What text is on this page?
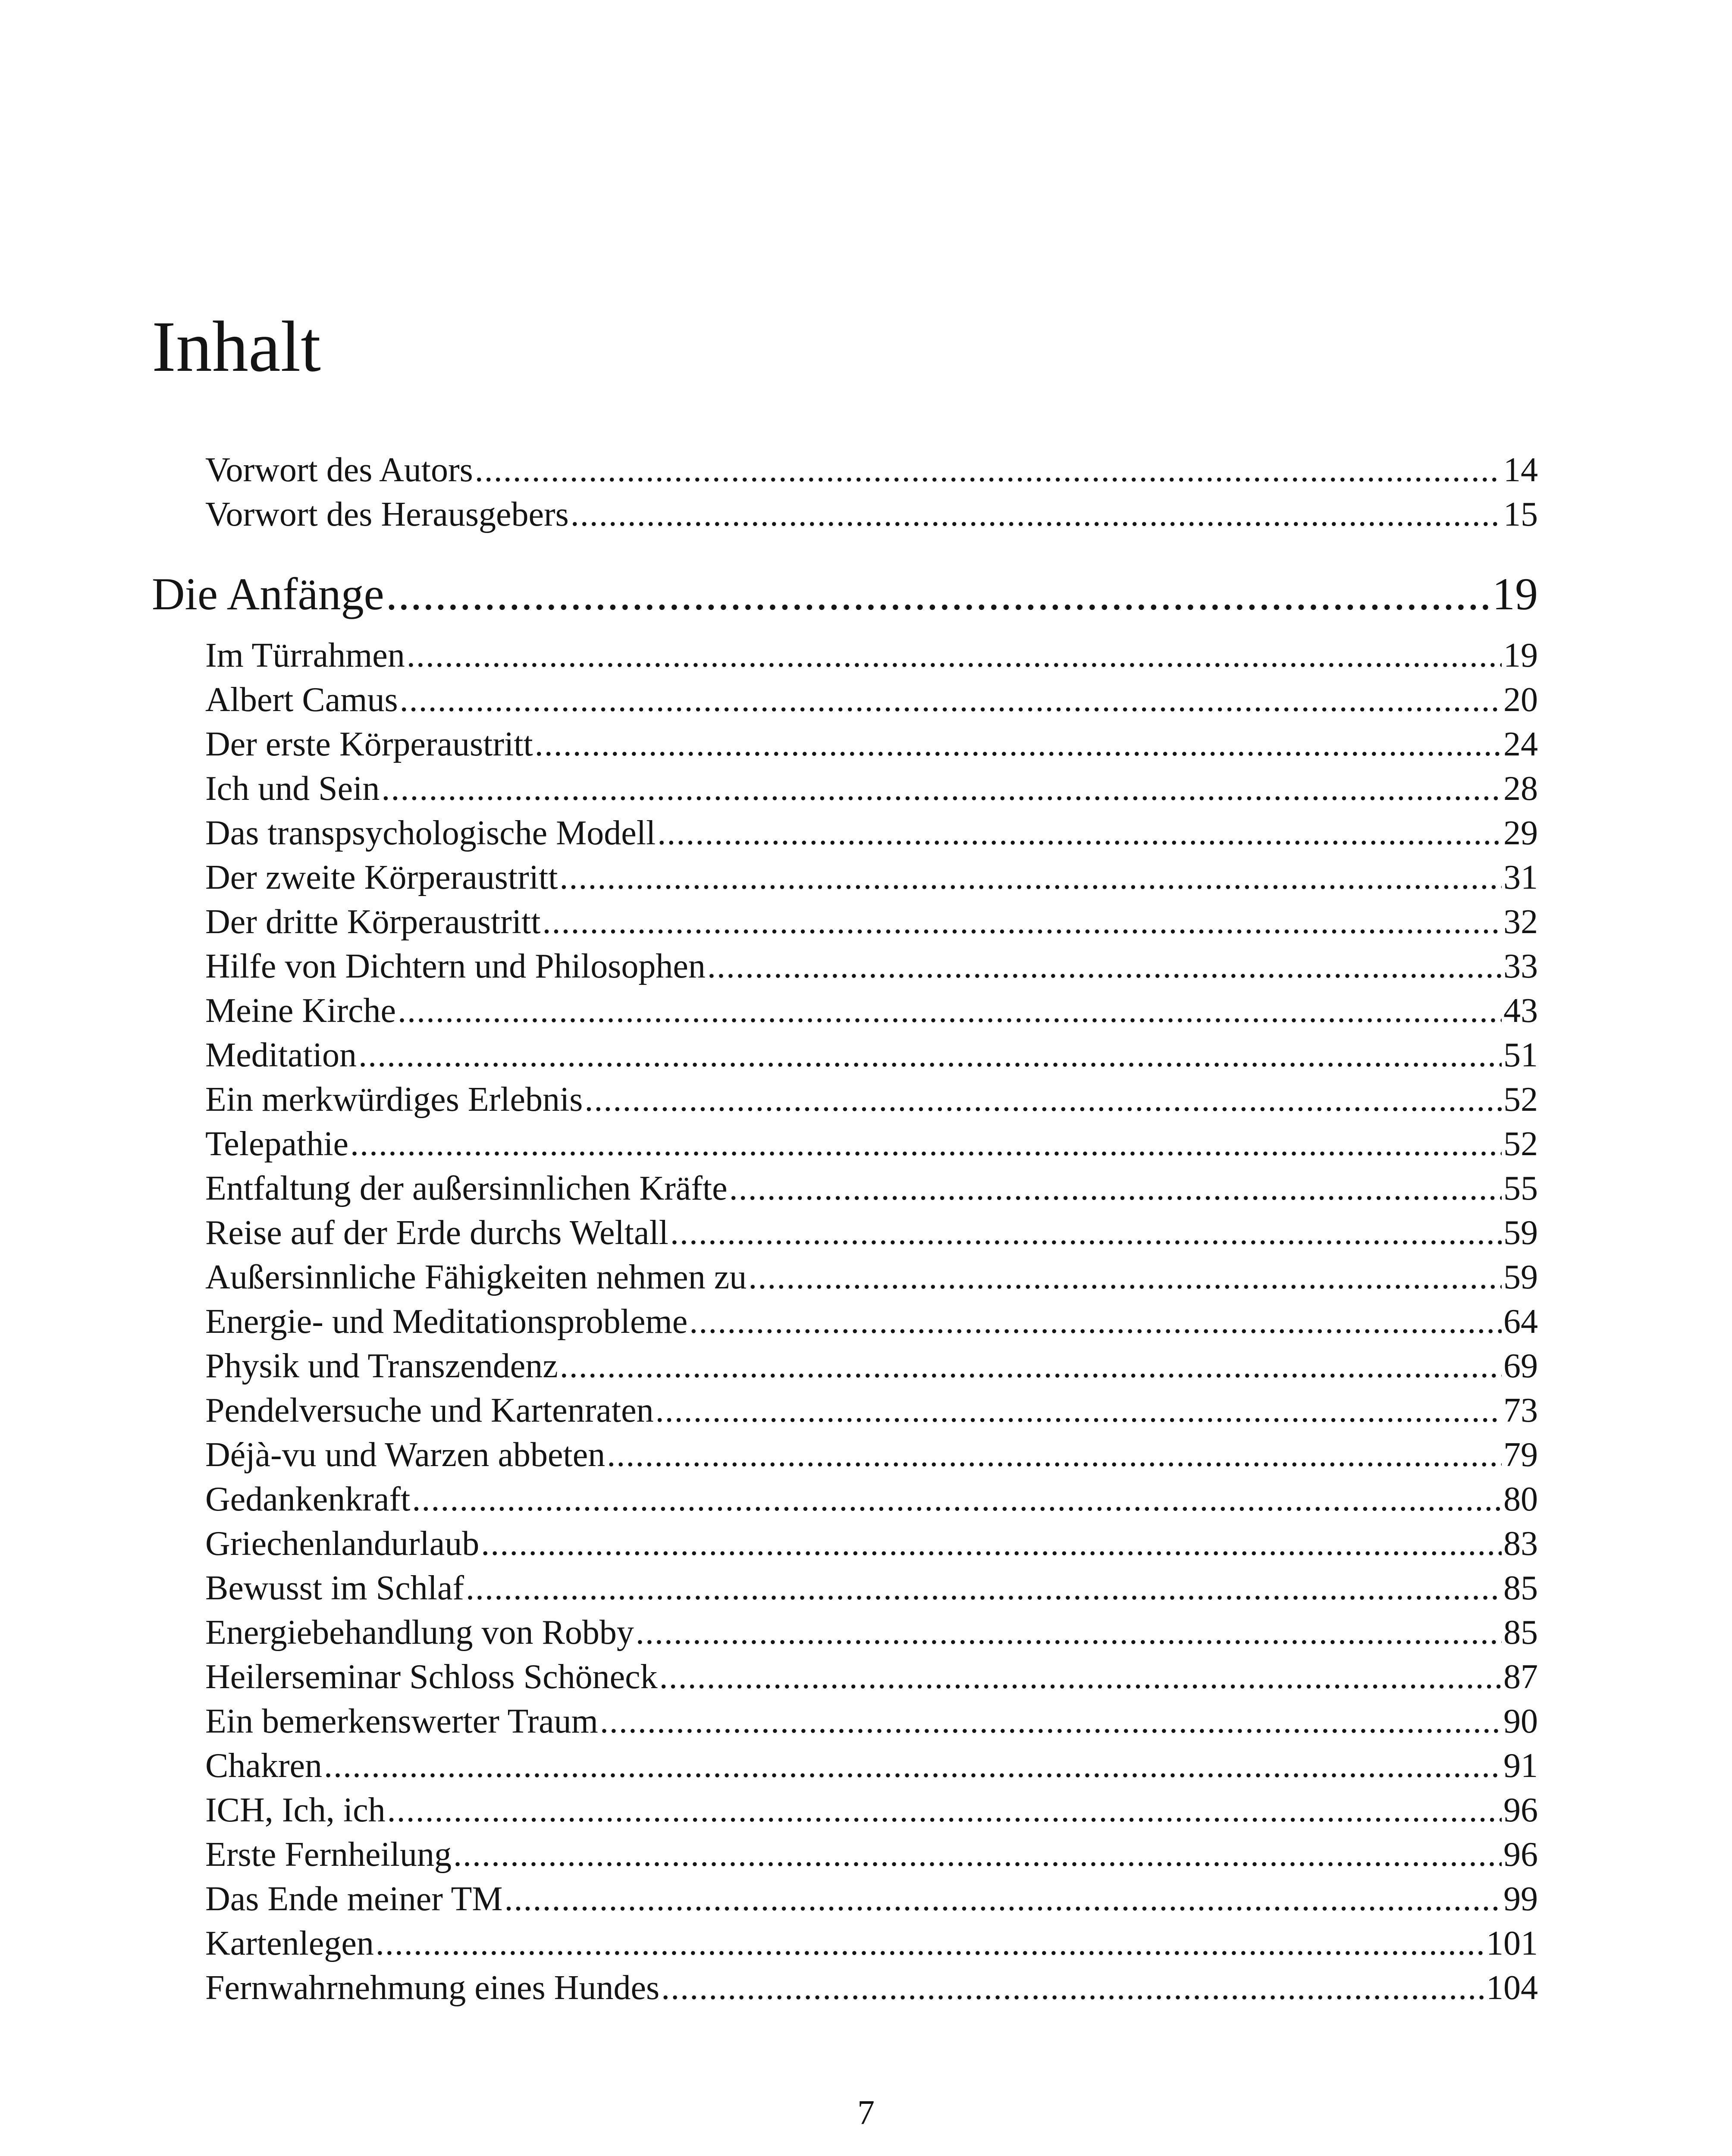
Inhalt
Vorwort des Autors .....	14
Vorwort des Herausgebers .....	15
Die Anfänge .....	19
Im Türrahmen .....	19
Albert Camus .....	20
Der erste Körperaustritt .....	24
Ich und Sein .....	28
Das transpsychologische Modell .....	29
Der zweite Körperaustritt .....	31
Der dritte Körperaustritt .....	32
Hilfe von Dichtern und Philosophen .....	33
Meine Kirche .....	43
Meditation .....	51
Ein merkwürdiges Erlebnis .....	52
Telepathie .....	52
Entfaltung der außersinnlichen Kräfte .....	55
Reise auf der Erde durchs Weltall .....	59
Außersinnliche Fähigkeiten nehmen zu .....	59
Energie- und Meditationsprobleme .....	64
Physik und Transzendenz .....	69
Pendelversuche und Kartenraten .....	73
Déjà-vu und Warzen abbeten .....	79
Gedankenkraft .....	80
Griechenlandurlaub .....	83
Bewusst im Schlaf .....	85
Energiebehandlung von Robby .....	85
Heilerseminar Schloss Schöneck .....	87
Ein bemerkenswerter Traum .....	90
Chakren .....	91
ICH, Ich, ich .....	96
Erste Fernheilung .....	96
Das Ende meiner TM .....	99
Kartenlegen .....	101
Fernwahrnehmung eines Hundes .....	104

7
